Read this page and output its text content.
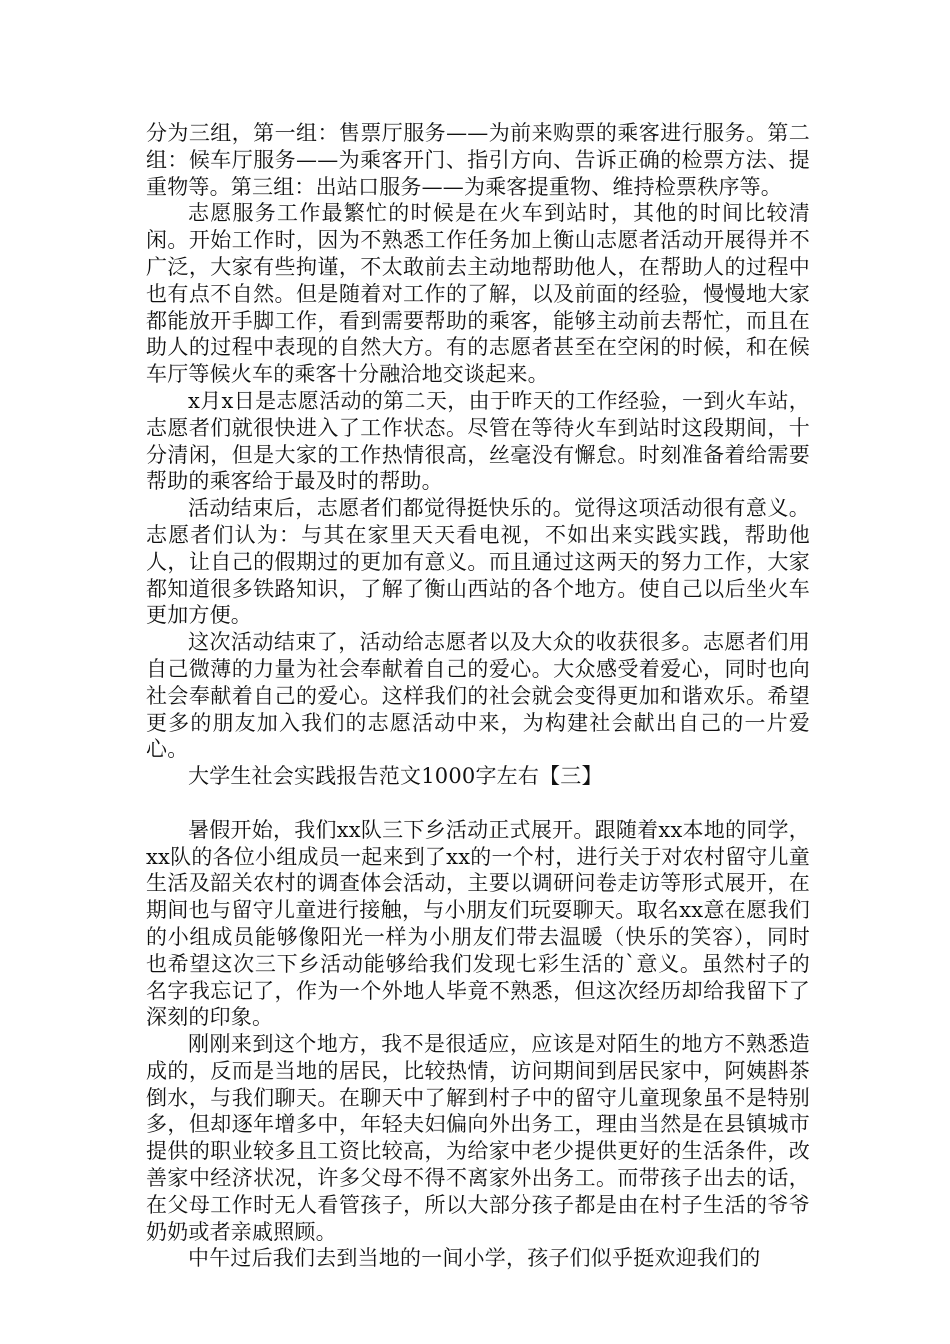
分为三组，第一组：售票厅服务——为前来购票的乘客进行服务。第二组：候车厅服务——为乘客开门、指引方向、告诉正确的检票方法、提重物等。第三组：出站口服务——为乘客提重物、维持检票秩序等。

志愿服务工作最繁忙的时候是在火车到站时，其他的时间比较清闲。开始工作时，因为不熟悉工作任务加上衡山志愿者活动开展得并不广泛，大家有些拘谨，不太敢前去主动地帮助他人，在帮助人的过程中也有点不自然。但是随着对工作的了解，以及前面的经验，慢慢地大家都能放开手脚工作，看到需要帮助的乘客，能够主动前去帮忙，而且在助人的过程中表现的自然大方。有的志愿者甚至在空闲的时候，和在候车厅等候火车的乘客十分融洽地交谈起来。

x月x日是志愿活动的第二天，由于昨天的工作经验，一到火车站，志愿者们就很快进入了工作状态。尽管在等待火车到站时这段期间，十分清闲，但是大家的工作热情很高，丝毫没有懈怠。时刻准备着给需要帮助的乘客给于最及时的帮助。

活动结束后，志愿者们都觉得挺快乐的。觉得这项活动很有意义。志愿者们认为：与其在家里天天看电视，不如出来实践实践，帮助他人，让自己的假期过的更加有意义。而且通过这两天的努力工作，大家都知道很多铁路知识，了解了衡山西站的各个地方。使自己以后坐火车更加方便。

这次活动结束了，活动给志愿者以及大众的收获很多。志愿者们用自己微薄的力量为社会奉献着自己的爱心。大众感受着爱心，同时也向社会奉献着自己的爱心。这样我们的社会就会变得更加和谐欢乐。希望更多的朋友加入我们的志愿活动中来，为构建社会献出自己的一片爱心。

大学生社会实践报告范文1000字左右【三】

暑假开始，我们xx队三下乡活动正式展开。跟随着xx本地的同学，xx队的各位小组成员一起来到了xx的一个村，进行关于对农村留守儿童生活及韶关农村的调查体会活动，主要以调研问卷走访等形式展开，在期间也与留守儿童进行接触，与小朋友们玩耍聊天。取名xx意在愿我们的小组成员能够像阳光一样为小朋友们带去温暖（快乐的笑容），同时也希望这次三下乡活动能够给我们发现七彩生活的`意义。虽然村子的名字我忘记了，作为一个外地人毕竟不熟悉，但这次经历却给我留下了深刻的印象。

刚刚来到这个地方，我不是很适应，应该是对陌生的地方不熟悉造成的，反而是当地的居民，比较热情，访问期间到居民家中，阿姨斟茶倒水，与我们聊天。在聊天中了解到村子中的留守儿童现象虽不是特别多，但却逐年增多中，年轻夫妇偏向外出务工，理由当然是在县镇城市提供的职业较多且工资比较高，为给家中老少提供更好的生活条件，改善家中经济状况，许多父母不得不离家外出务工。而带孩子出去的话，在父母工作时无人看管孩子，所以大部分孩子都是由在村子生活的爷爷奶奶或者亲戚照顾。

中午过后我们去到当地的一间小学，孩子们似乎挺欢迎我们的
